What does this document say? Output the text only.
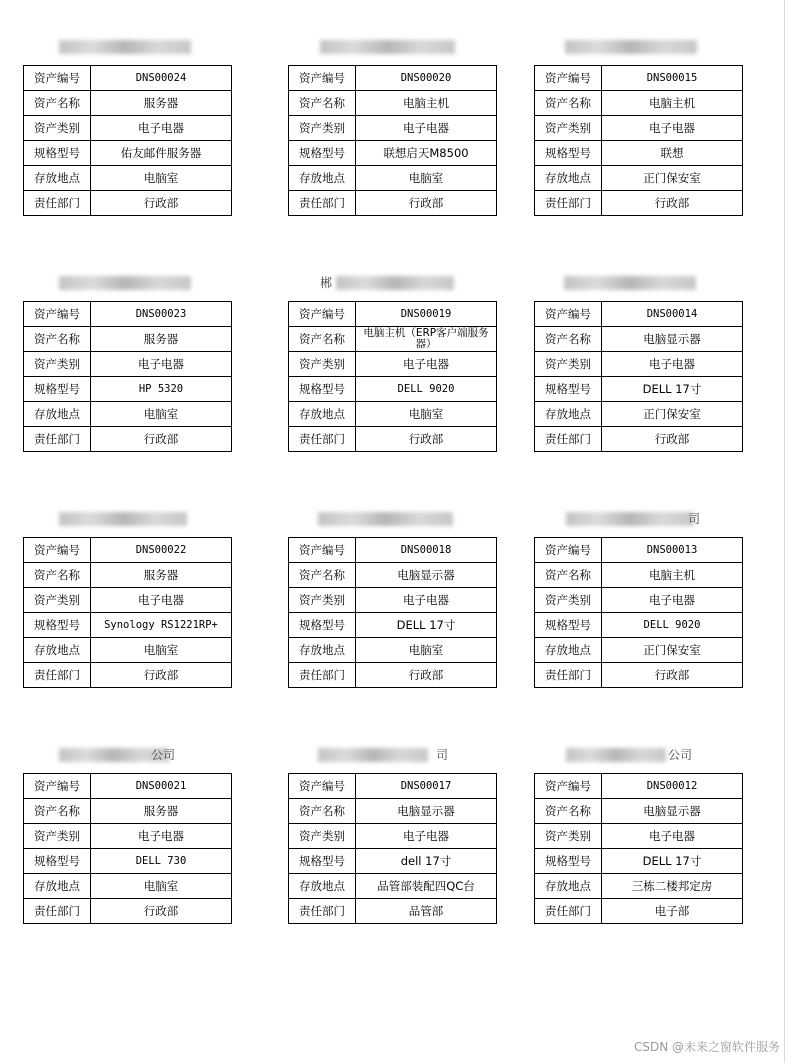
资产编号	DNS00024
资产名称	服务器
资产类别	电子电器
规格型号	佑友邮件服务器
存放地点	电脑室
责任部门	行政部
资产编号	DNS00020
资产名称	电脑主机
资产类别	电子电器
规格型号	联想启天M8500
存放地点	电脑室
责任部门	行政部
资产编号	DNS00015
资产名称	电脑主机
资产类别	电子电器
规格型号	联想
存放地点	正门保安室
责任部门	行政部
资产编号	DNS00023
资产名称	服务器
资产类别	电子电器
规格型号	HP 5320
存放地点	电脑室
责任部门	行政部
郴
资产编号	DNS00019
资产名称	电脑主机（ERP客户端服务器）
资产类别	电子电器
规格型号	DELL 9020
存放地点	电脑室
责任部门	行政部
资产编号	DNS00014
资产名称	电脑显示器
资产类别	电子电器
规格型号	DELL 17寸
存放地点	正门保安室
责任部门	行政部
资产编号	DNS00022
资产名称	服务器
资产类别	电子电器
规格型号	Synology RS1221RP+
存放地点	电脑室
责任部门	行政部
资产编号	DNS00018
资产名称	电脑显示器
资产类别	电子电器
规格型号	DELL 17寸
存放地点	电脑室
责任部门	行政部
司
资产编号	DNS00013
资产名称	电脑主机
资产类别	电子电器
规格型号	DELL 9020
存放地点	正门保安室
责任部门	行政部
公司
资产编号	DNS00021
资产名称	服务器
资产类别	电子电器
规格型号	DELL 730
存放地点	电脑室
责任部门	行政部
司
资产编号	DNS00017
资产名称	电脑显示器
资产类别	电子电器
规格型号	dell 17寸
存放地点	品管部装配四QC台
责任部门	品管部
公司
资产编号	DNS00012
资产名称	电脑显示器
资产类别	电子电器
规格型号	DELL 17寸
存放地点	三栋二楼邦定房
责任部门	电子部
CSDN @未来之窗软件服务
